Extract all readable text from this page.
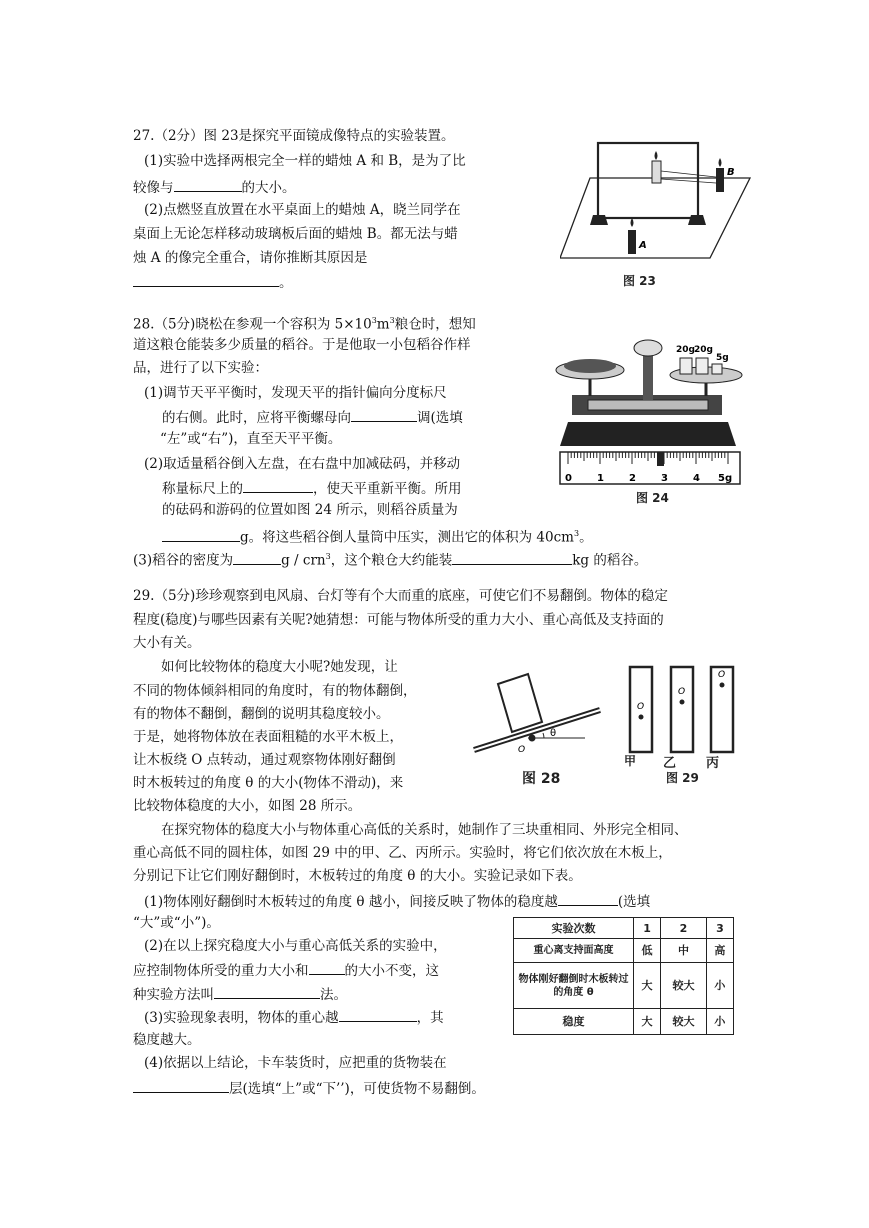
27.（2分）图 23是探究平面镜成像特点的实验装置。
(1)实验中选择两根完全一样的蜡烛 A 和 B，是为了比
较像与	的大小。
(2)点燃竖直放置在水平桌面上的蜡烛 A，晓兰同学在
桌面上无论怎样移动玻璃板后面的蜡烛 B。都无法与蜡
烛 A 的像完全重合，请你推断其原因是
。
A
B
图 23
28.（5分)晓松在参观一个容积为 $5\times 10^3m^3$粮仓时，想知
道这粮仓能装多少质量的稻谷。于是他取一小包稻谷作样
品，进行了以下实验：
(1)调节天平平衡时，发现天平的指针偏向分度标尺
的右侧。此时，应将平衡螺母向	调(选填
“左”或“右”)，直至天平平衡。
(2)取适量稻谷倒入左盘，在右盘中加减砝码，并移动
称量标尺上的	，使天平重新平衡。所用
的砝码和游码的位置如图 24 所示，则稻谷质量为
g。将这些稻谷倒人量筒中压实，测出它的体积为 $40cm^3$。
(3)稻谷的密度为	g / crn$^3$，这个粮仓大约能装	kg 的稻谷。
20g 20g
5g
0	1	2	3	4 5g
图 24
29.（5分)珍珍观察到电风扇、台灯等有个大而重的底座，可使它们不易翻倒。物体的稳定
程度(稳度)与哪些因素有关呢?她猜想：可能与物体所受的重力大小、重心高低及支持面的
大小有关。
如何比较物体的稳度大小呢?她发现，让
不同的物体倾斜相同的角度时，有的物体翻倒，
有的物体不翻倒，翻倒的说明其稳度较小。
于是，她将物体放在表面粗糙的水平木板上，
让木板绕 O 点转动，通过观察物体刚好翻倒
时木板转过的角度 θ 的大小(物体不滑动)，来
比较物体稳度的大小，如图 28 所示。
在探究物体的稳度大小与物体重心高低的关系时，她制作了三块重相同、外形完全相同、
重心高低不同的圆柱体，如图 29 中的甲、乙、丙所示。实验时，将它们依次放在木板上，
分别记下让它们刚好翻倒时，木板转过的角度 θ 的大小。实验记录如下表。
(1)物体刚好翻倒时木板转过的角度 θ 越小，间接反映了物体的稳度越	(选填
“大”或“小”)。
(2)在以上探究稳度大小与重心高低关系的实验中，
应控制物体所受的重力大小和	的大小不变，这
种实验方法叫	法。
(3)实验现象表明，物体的重心越	，其
稳度越大。
(4)依据以上结论，卡车装货时，应把重的货物装在
层(选填“上”或“下’’)，可使货物不易翻倒。
O
θ
图 28
O
O
O
甲 乙 丙
图 29
实验次数	1	2	3
重心离支持面高度	低	中	高
物体刚好翻倒时木板转过的角度 θ	大	较大	小
稳度	大	较大	小
